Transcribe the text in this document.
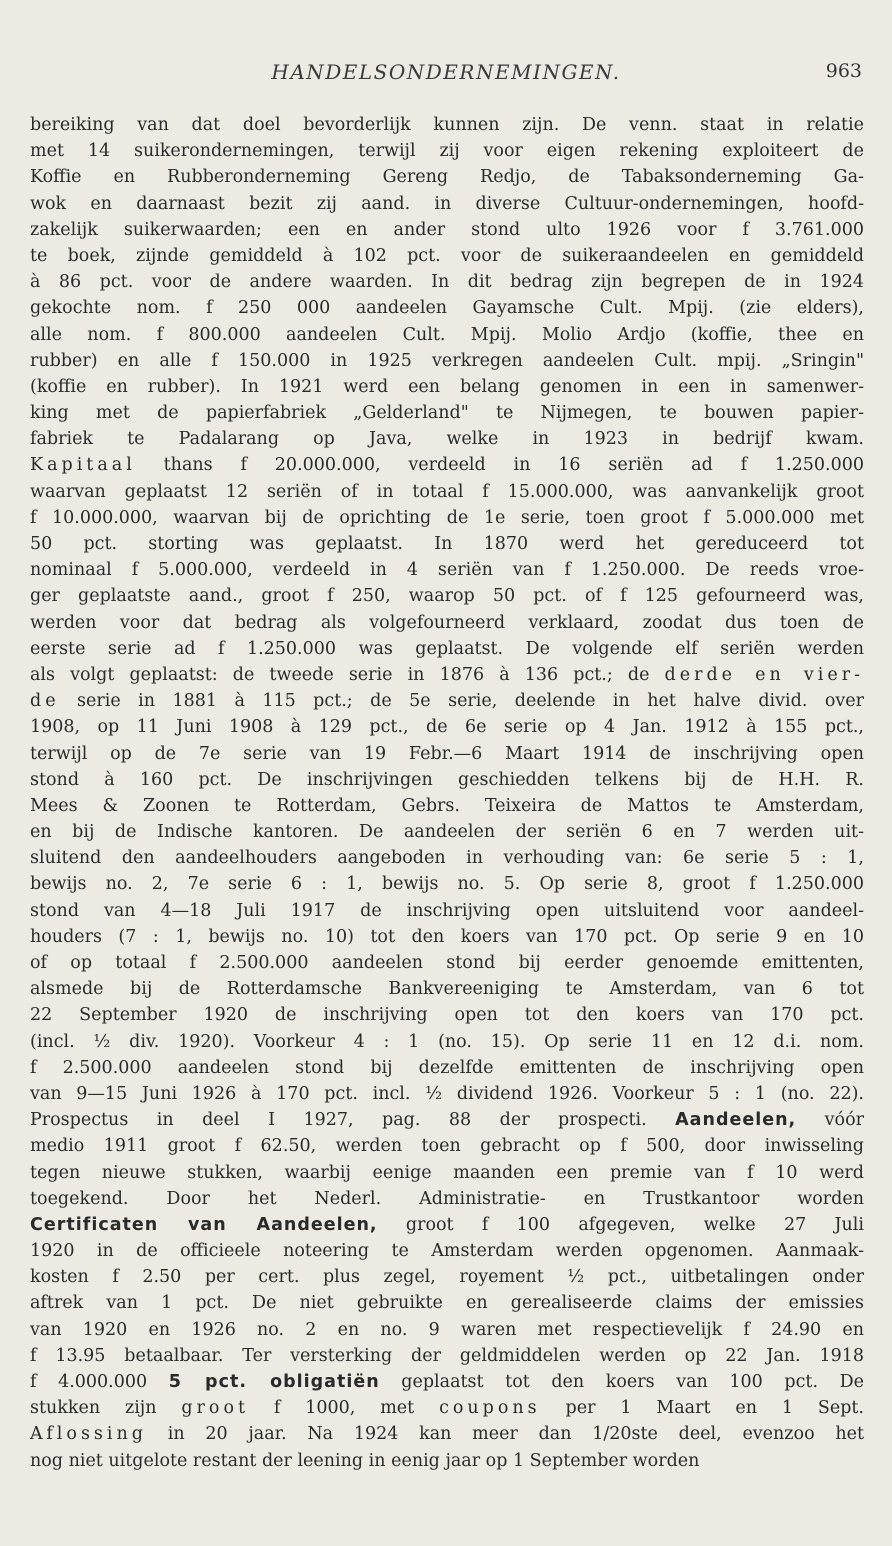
HANDELSONDERNEMINGEN.	963
bereiking van dat doel bevorderlijk kunnen zijn. De venn. staat in relatie
met 14 suikerondernemingen, terwijl zij voor eigen rekening exploiteert de
Koffie en Rubberonderneming Gereng Redjo, de Tabaksonderneming Ga-
wok en daarnaast bezit zij aand. in diverse Cultuur-ondernemingen, hoofd-
zakelijk suikerwaarden; een en ander stond ulto 1926 voor f 3.761.000
te boek, zijnde gemiddeld à 102 pct. voor de suikeraandeelen en gemiddeld
à 86 pct. voor de andere waarden. In dit bedrag zijn begrepen de in 1924
gekochte nom. f 250 000 aandeelen Gayamsche Cult. Mpij. (zie elders),
alle nom. f 800.000 aandeelen Cult. Mpij. Molio Ardjo (koffie, thee en
rubber) en alle f 150.000 in 1925 verkregen aandeelen Cult. mpij. „Sringin"
(koffie en rubber). In 1921 werd een belang genomen in een in samenwer-
king met de papierfabriek „Gelderland" te Nijmegen, te bouwen papier-
fabriek te Padalarang op Java, welke in 1923 in bedrijf kwam.
Kapitaal thans f 20.000.000, verdeeld in 16 seriën ad f 1.250.000
waarvan geplaatst 12 seriën of in totaal f 15.000.000, was aanvankelijk groot
f 10.000.000, waarvan bij de oprichting de 1e serie, toen groot f 5.000.000 met
50 pct. storting was geplaatst. In 1870 werd het gereduceerd tot
nominaal f 5.000.000, verdeeld in 4 seriën van f 1.250.000. De reeds vroe-
ger geplaatste aand., groot f 250, waarop 50 pct. of f 125 gefourneerd was,
werden voor dat bedrag als volgefourneerd verklaard, zoodat dus toen de
eerste serie ad f 1.250.000 was geplaatst. De volgende elf seriën werden
als volgt geplaatst: de tweede serie in 1876 à 136 pct.; de derde en vier-
de serie in 1881 à 115 pct.; de 5e serie, deelende in het halve divid. over
1908, op 11 Juni 1908 à 129 pct., de 6e serie op 4 Jan. 1912 à 155 pct.,
terwijl op de 7e serie van 19 Febr.—6 Maart 1914 de inschrijving open
stond à 160 pct. De inschrijvingen geschiedden telkens bij de H.H. R.
Mees & Zoonen te Rotterdam, Gebrs. Teixeira de Mattos te Amsterdam,
en bij de Indische kantoren. De aandeelen der seriën 6 en 7 werden uit-
sluitend den aandeelhouders aangeboden in verhouding van: 6e serie 5 : 1,
bewijs no. 2, 7e serie 6 : 1, bewijs no. 5. Op serie 8, groot f 1.250.000
stond van 4—18 Juli 1917 de inschrijving open uitsluitend voor aandeel-
houders (7 : 1, bewijs no. 10) tot den koers van 170 pct. Op serie 9 en 10
of op totaal f 2.500.000 aandeelen stond bij eerder genoemde emittenten,
alsmede bij de Rotterdamsche Bankvereeniging te Amsterdam, van 6 tot
22 September 1920 de inschrijving open tot den koers van 170 pct.
(incl. ½ div. 1920). Voorkeur 4 : 1 (no. 15). Op serie 11 en 12 d.i. nom.
f 2.500.000 aandeelen stond bij dezelfde emittenten de inschrijving open
van 9—15 Juni 1926 à 170 pct. incl. ½ dividend 1926. Voorkeur 5 : 1 (no. 22).
Prospectus in deel I 1927, pag. 88 der prospecti. Aandeelen, vóór
medio 1911 groot f 62.50, werden toen gebracht op f 500, door inwisseling
tegen nieuwe stukken, waarbij eenige maanden een premie van f 10 werd
toegekend. Door het Nederl. Administratie- en Trustkantoor worden
Certificaten van Aandeelen, groot f 100 afgegeven, welke 27 Juli
1920 in de officieele noteering te Amsterdam werden opgenomen. Aanmaak-
kosten f 2.50 per cert. plus zegel, royement ½ pct., uitbetalingen onder
aftrek van 1 pct. De niet gebruikte en gerealiseerde claims der emissies
van 1920 en 1926 no. 2 en no. 9 waren met respectievelijk f 24.90 en
f 13.95 betaalbaar. Ter versterking der geldmiddelen werden op 22 Jan. 1918
f 4.000.000 5 pct. obligatiën geplaatst tot den koers van 100 pct. De
stukken zijn groot f 1000, met coupons per 1 Maart en 1 Sept.
Aflossing in 20 jaar. Na 1924 kan meer dan 1/20ste deel, evenzoo het
nog niet uitgelote restant der leening in eenig jaar op 1 September worden
